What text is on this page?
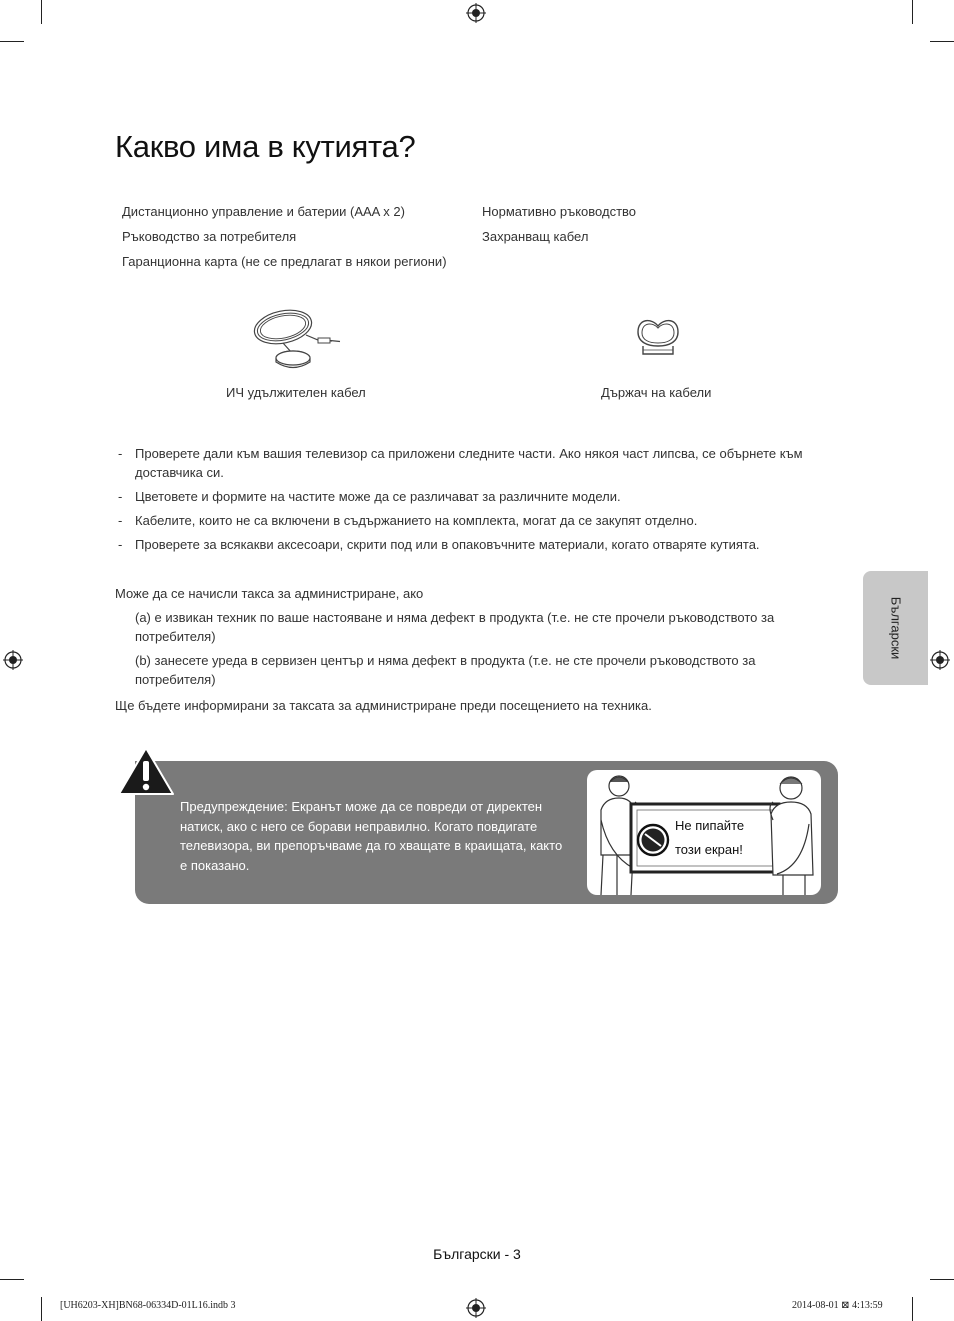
Какво има в кутията?
Дистанционно управление и батерии (AAA x 2)
Ръководство за потребителя
Гаранционна карта (не се предлагат в някои региони)
Нормативно ръководство
Захранващ кабел
ИЧ удължителен кабел	Държач на кабели
- Проверете дали към вашия телевизор са приложени следните части. Ако някоя част липсва, се обърнете към доставчика си.
- Цветовете и формите на частите може да се различават за различните модели.
- Кабелите, които не са включени в съдържанието на комплекта, могат да се закупят отделно.
- Проверете за всякакви аксесоари, скрити под или в опаковъчните материали, когато отваряте кутията.
Може да се начисли такса за администриране, ако
(a) е извикан техник по ваше настояване и няма дефект в продукта (т.е. не сте прочели ръководството за потребителя)
(b) занесете уреда в сервизен център и няма дефект в продукта (т.е. не сте прочели ръководството за потребителя)
Ще бъдете информирани за таксата за администриране преди посещението на техника.
Български
Предупреждение: Екранът може да се повреди от директен натиск, ако с него се борави неправилно. Когато повдигате телевизора, ви препоръчваме да го хващате в краищата, както е показано.
Не пипайте
този екран!
Български - 3
[UH6203-XH]BN68-06334D-01L16.indb 3	2014-08-01 ⊠ 4:13:59
